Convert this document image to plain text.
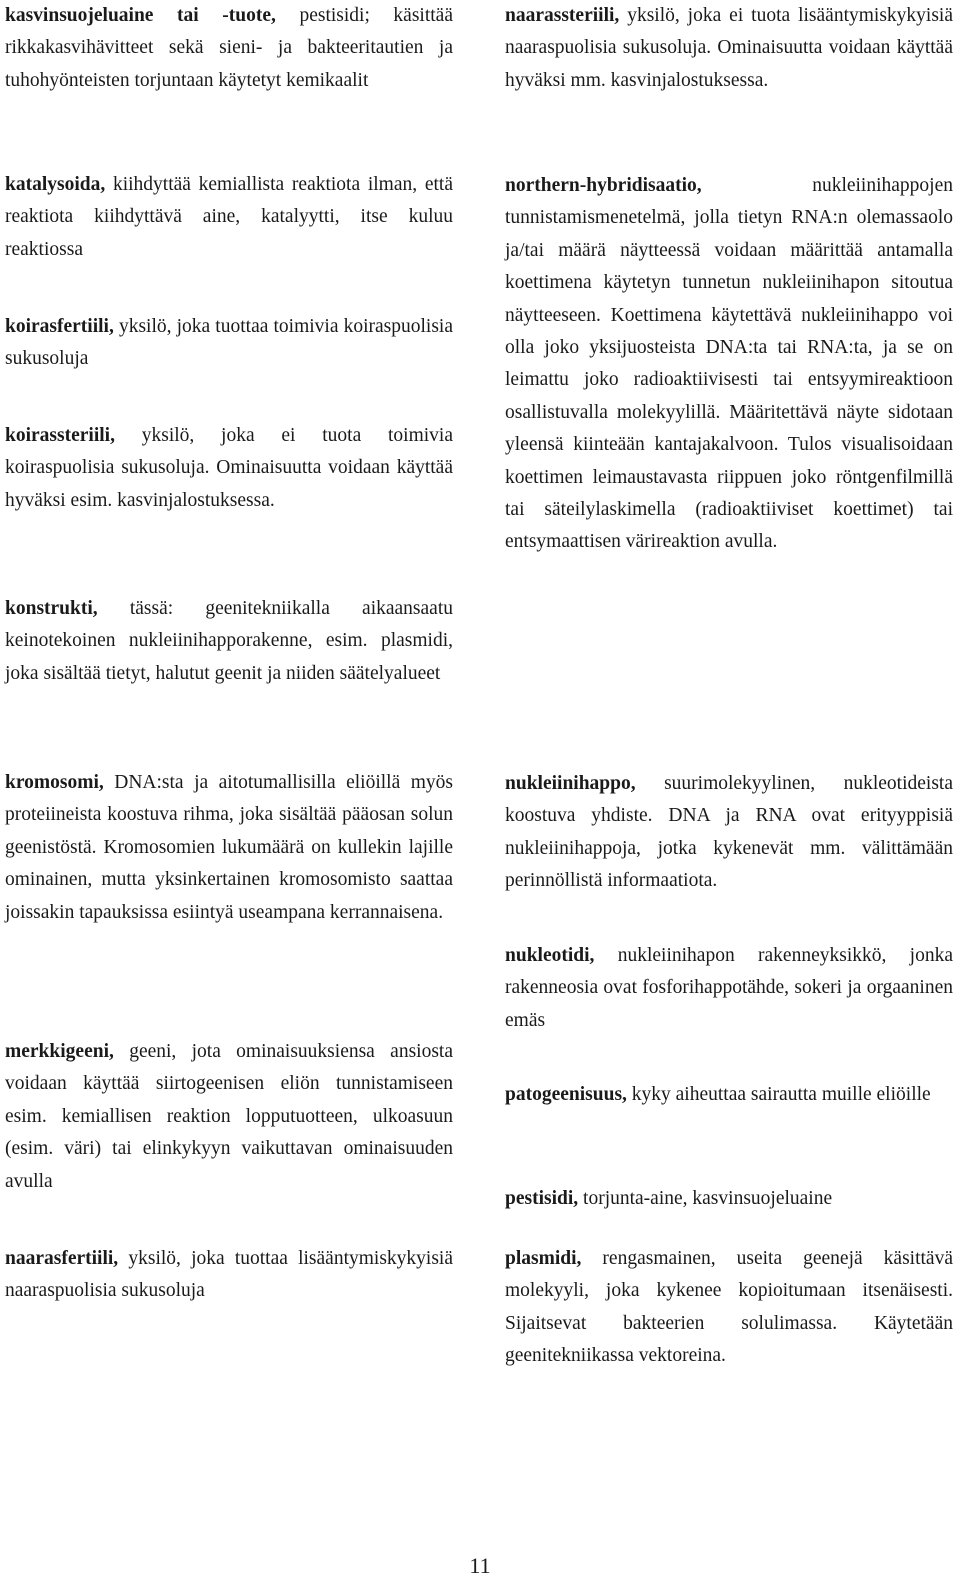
kasvinsuojeluaine tai -tuote, pestisidi; käsittää rikkakasvihävitteet sekä sieni- ja bakteeritautien ja tuhohyönteisten torjuntaan käytetyt kemikaalit

katalysoida, kiihdyttää kemiallista reaktiota ilman, että reaktiota kiihdyttävä aine, katalyytti, itse kuluu reaktiossa

koirasfertiili, yksilö, joka tuottaa toimivia koiraspuolisia sukusoluja

koirassteriili, yksilö, joka ei tuota toimivia koiraspuolisia sukusoluja. Ominaisuutta voidaan käyttää hyväksi esim. kasvinjalostuksessa.

konstrukti, tässä: geenitekniikalla aikaansaatu keinotekoinen nukleiinihapporakenne, esim. plasmidi, joka sisältää tietyt, halutut geenit ja niiden säätelyalueet

kromosomi, DNA:sta ja aitotumallisilla eliöillä myös proteiineista koostuva rihma, joka sisältää pääosan solun geenistöstä. Kromosomien lukumäärä on kullekin lajille ominainen, mutta yksinkertainen kromosomisto saattaa joissakin tapauksissa esiintyä useampana kerrannaisena.

merkkigeeni, geeni, jota ominaisuuksiensa ansiosta voidaan käyttää siirtogeenisen eliön tunnistamiseen esim. kemiallisen reaktion lopputuotteen, ulkoasuun (esim. väri) tai elinkykyyn vaikuttavan ominaisuuden avulla

naarasfertiili, yksilö, joka tuottaa lisääntymiskykyisiä naaraspuolisia sukusoluja

naarassteriili, yksilö, joka ei tuota lisääntymiskykyisiä naaraspuolisia sukusoluja. Ominaisuutta voidaan käyttää hyväksi mm. kasvinjalostuksessa.

northern-hybridisaatio, nukleiinihappojen tunnistamismenetelmä, jolla tietyn RNA:n olemassaolo ja/tai määrä näytteessä voidaan määrittää antamalla koettimena käytetyn tunnetun nukleiinihapon sitoutua näytteeseen. Koettimena käytettävä nukleiinihappo voi olla joko yksijuosteista DNA:ta tai RNA:ta, ja se on leimattu joko radioaktiivisesti tai entsyymireaktioon osallistuvalla molekyylillä. Määritettävä näyte sidotaan yleensä kiinteään kantajakalvoon. Tulos visualisoidaan koettimen leimaustavasta riippuen joko röntgenfilmillä tai säteilylaskimella (radioaktiiviset koettimet) tai entsymaattisen värireaktion avulla.

nukleiinihappo, suurimolekyylinen, nukleotideista koostuva yhdiste. DNA ja RNA ovat erityyppisiä nukleiinihappoja, jotka kykenevät mm. välittämään perinnöllistä informaatiota.

nukleotidi, nukleiinihapon rakenneyksikkö, jonka rakenneosia ovat fosforihappotähde, sokeri ja orgaaninen emäs

patogeenisuus, kyky aiheuttaa sairautta muille eliöille

pestisidi, torjunta-aine, kasvinsuojeluaine

plasmidi, rengasmainen, useita geenejä käsittävä molekyyli, joka kykenee kopioitumaan itsenäisesti. Sijaitsevat bakteerien solulimassa. Käytetään geenitekniikassa vektoreina.

11
